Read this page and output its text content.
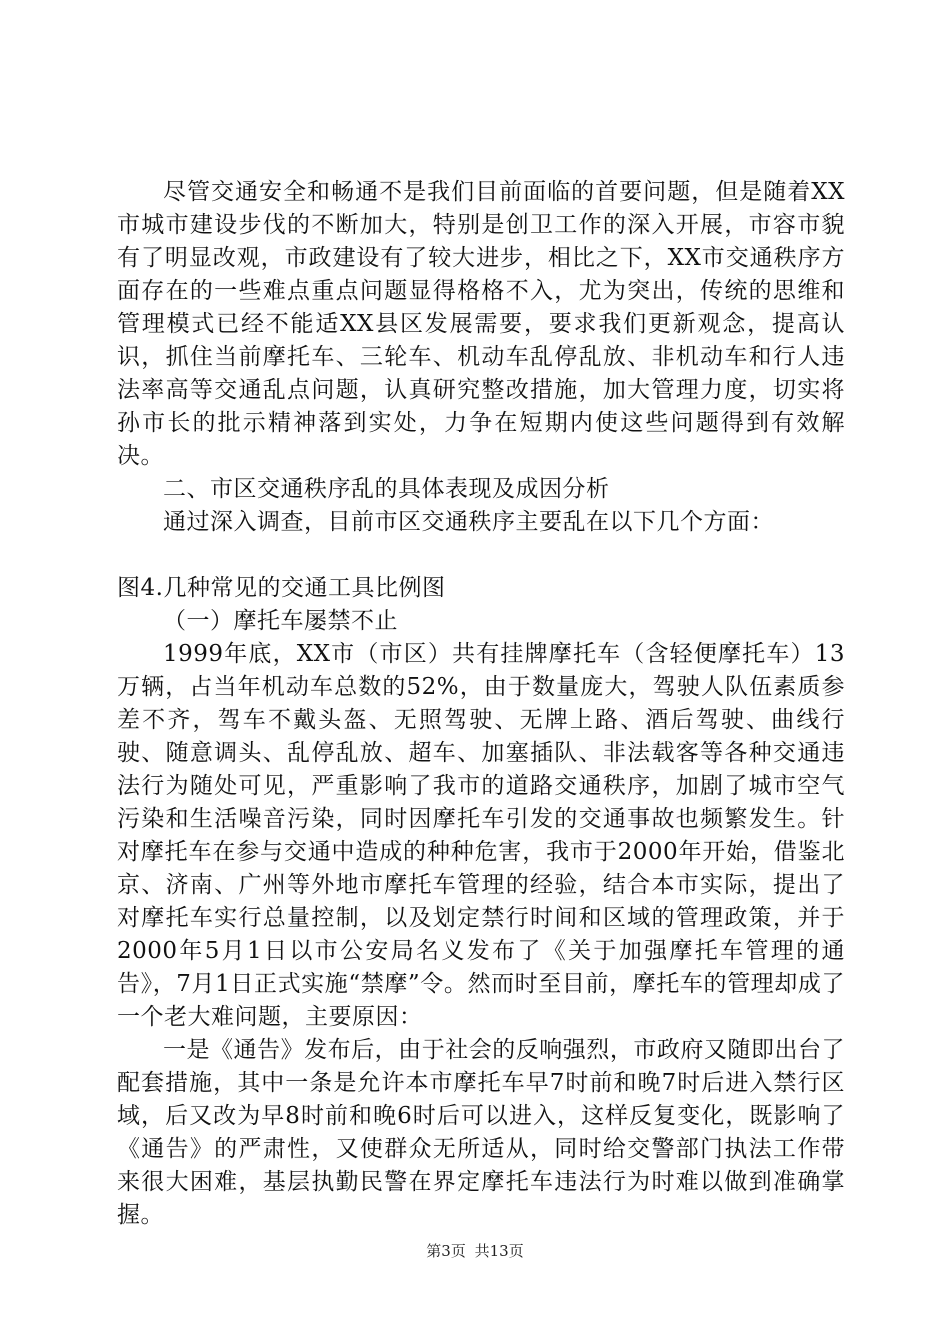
尽管交通安全和畅通不是我们目前面临的首要问题，但是随着XX市城市建设步伐的不断加大，特别是创卫工作的深入开展，市容市貌有了明显改观，市政建设有了较大进步，相比之下，XX市交通秩序方面存在的一些难点重点问题显得格格不入，尤为突出，传统的思维和管理模式已经不能适XX县区发展需要，要求我们更新观念，提高认识，抓住当前摩托车、三轮车、机动车乱停乱放、非机动车和行人违法率高等交通乱点问题，认真研究整改措施，加大管理力度，切实将孙市长的批示精神落到实处，力争在短期内使这些问题得到有效解决。

二、市区交通秩序乱的具体表现及成因分析

通过深入调查，目前市区交通秩序主要乱在以下几个方面：

图4.几种常见的交通工具比例图

（一）摩托车屡禁不止

1999年底，XX市（市区）共有挂牌摩托车（含轻便摩托车）13万辆，占当年机动车总数的52%，由于数量庞大，驾驶人队伍素质参差不齐，驾车不戴头盔、无照驾驶、无牌上路、酒后驾驶、曲线行驶、随意调头、乱停乱放、超车、加塞插队、非法载客等各种交通违法行为随处可见，严重影响了我市的道路交通秩序，加剧了城市空气污染和生活噪音污染，同时因摩托车引发的交通事故也频繁发生。针对摩托车在参与交通中造成的种种危害，我市于2000年开始，借鉴北京、济南、广州等外地市摩托车管理的经验，结合本市实际，提出了对摩托车实行总量控制，以及划定禁行时间和区域的管理政策，并于2000年5月1日以市公安局名义发布了《关于加强摩托车管理的通告》，7月1日正式实施“禁摩”令。然而时至目前，摩托车的管理却成了一个老大难问题，主要原因：

一是《通告》发布后，由于社会的反响强烈，市政府又随即出台了配套措施，其中一条是允许本市摩托车早7时前和晚7时后进入禁行区域，后又改为早8时前和晚6时后可以进入，这样反复变化，既影响了《通告》的严肃性，又使群众无所适从，同时给交警部门执法工作带来很大困难，基层执勤民警在界定摩托车违法行为时难以做到准确掌握。

第3页 共13页
